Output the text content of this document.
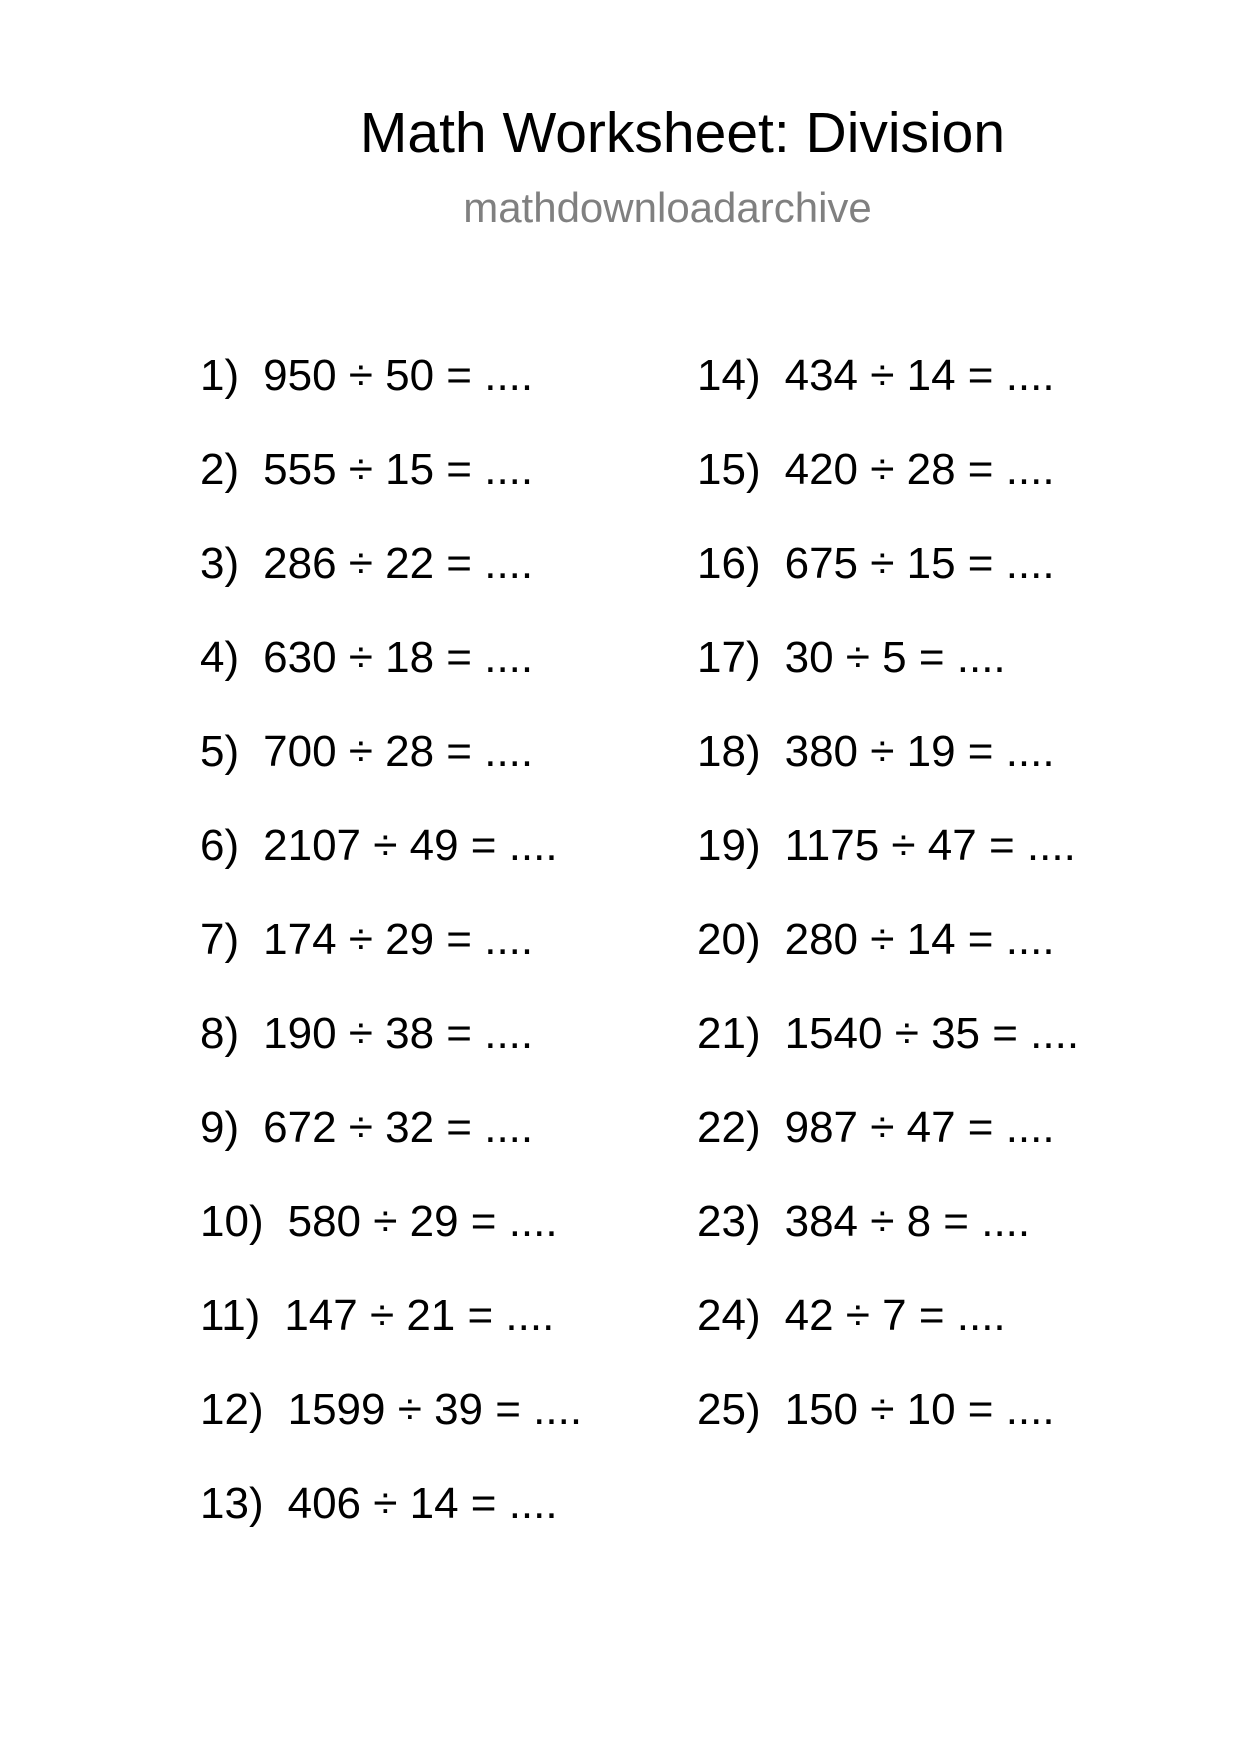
Math Worksheet: Division
mathdownloadarchive
1) 950 ÷ 50 = ....
2) 555 ÷ 15 = ....
3) 286 ÷ 22 = ....
4) 630 ÷ 18 = ....
5) 700 ÷ 28 = ....
6) 2107 ÷ 49 = ....
7) 174 ÷ 29 = ....
8) 190 ÷ 38 = ....
9) 672 ÷ 32 = ....
10) 580 ÷ 29 = ....
11) 147 ÷ 21 = ....
12) 1599 ÷ 39 = ....
13) 406 ÷ 14 = ....
14) 434 ÷ 14 = ....
15) 420 ÷ 28 = ....
16) 675 ÷ 15 = ....
17) 30 ÷ 5 = ....
18) 380 ÷ 19 = ....
19) 1175 ÷ 47 = ....
20) 280 ÷ 14 = ....
21) 1540 ÷ 35 = ....
22) 987 ÷ 47 = ....
23) 384 ÷ 8 = ....
24) 42 ÷ 7 = ....
25) 150 ÷ 10 = ....
